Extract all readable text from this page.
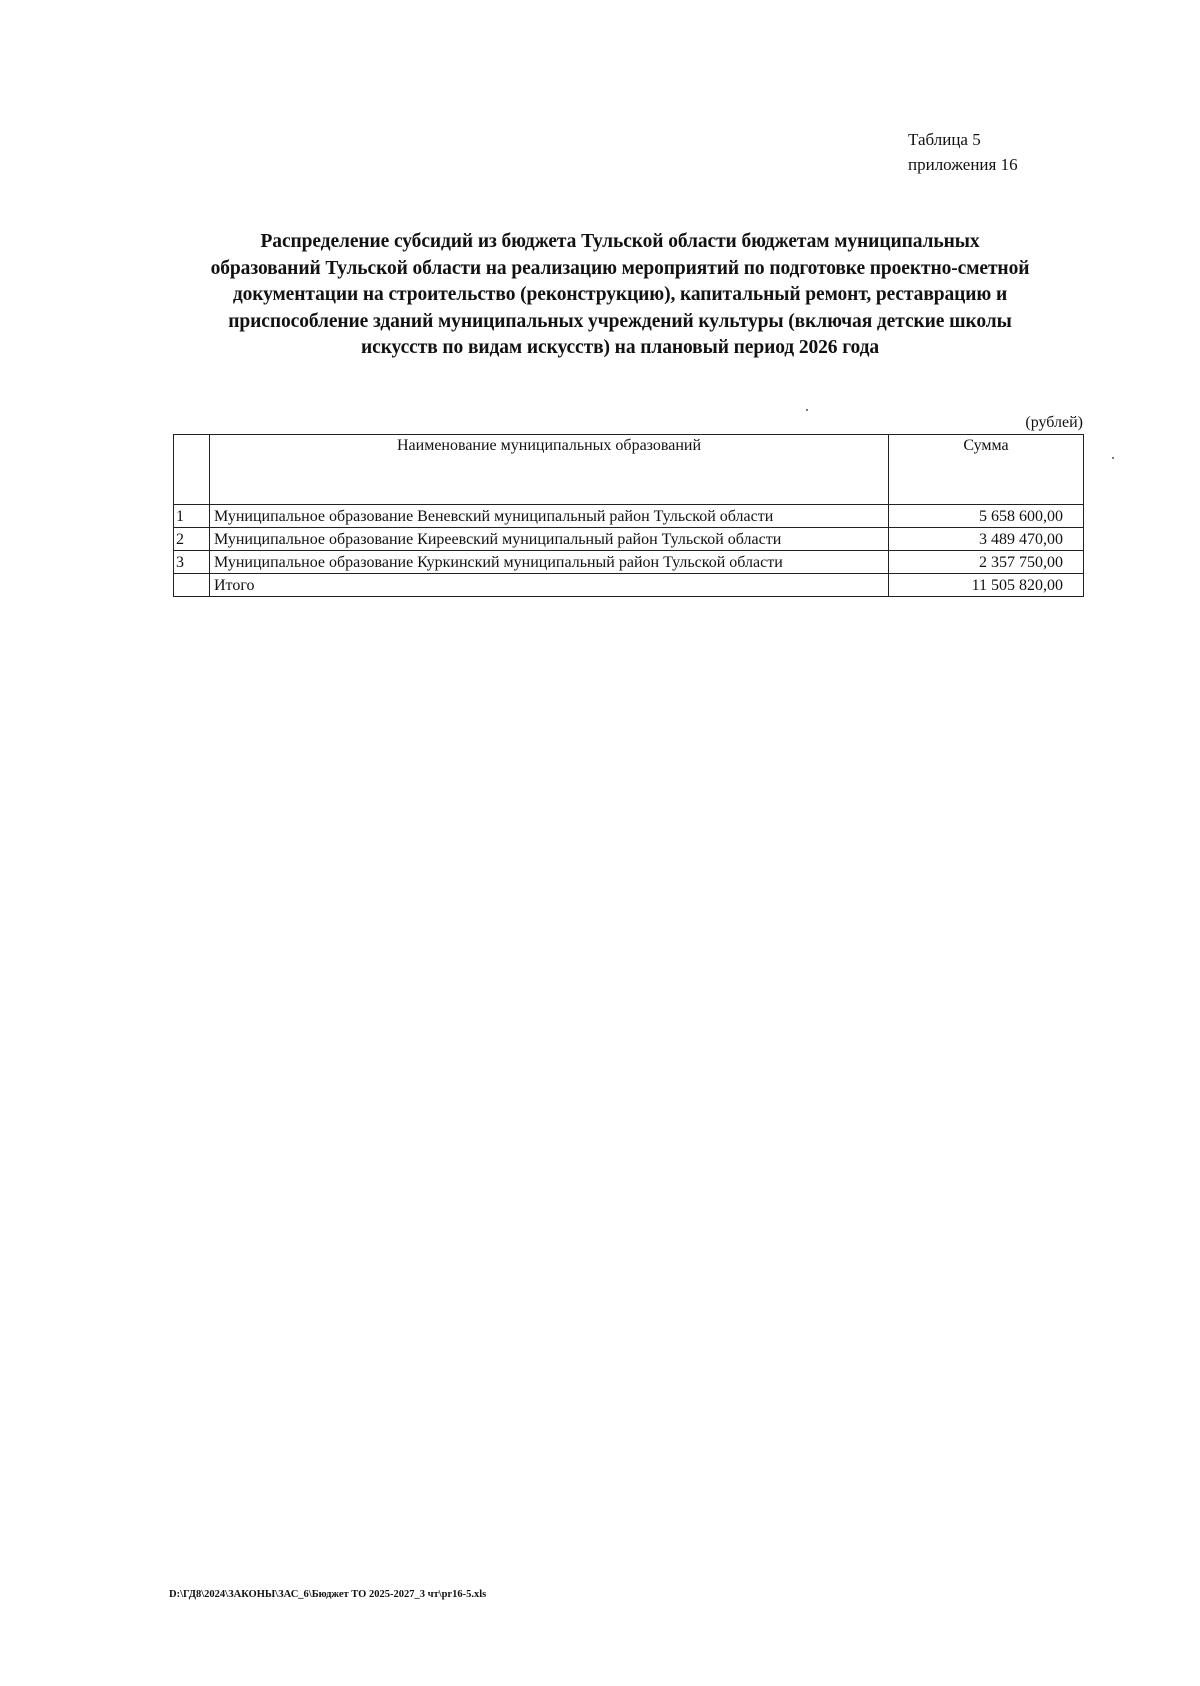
Таблица 5
приложения 16
Распределение субсидий из бюджета Тульской области бюджетам муниципальных
образований Тульской области на реализацию мероприятий по подготовке проектно-сметной
документации на строительство (реконструкцию), капитальный ремонт, реставрацию и
приспособление зданий муниципальных учреждений культуры (включая детские школы
искусств по видам искусств) на плановый период 2026 года
(рублей)
	Наименование муниципальных образований	Сумма
1	Муниципальное образование Веневский муниципальный район Тульской области	5 658 600,00
2	Муниципальное образование Киреевский муниципальный район Тульской области	3 489 470,00
3	Муниципальное образование Куркинский муниципальный район Тульской области	2 357 750,00
	Итого	11 505 820,00
D:\ГД8\2024\ЗАКОНЫ\ЗАС_6\Бюджет ТО 2025-2027_3 чт\pr16-5.xls
